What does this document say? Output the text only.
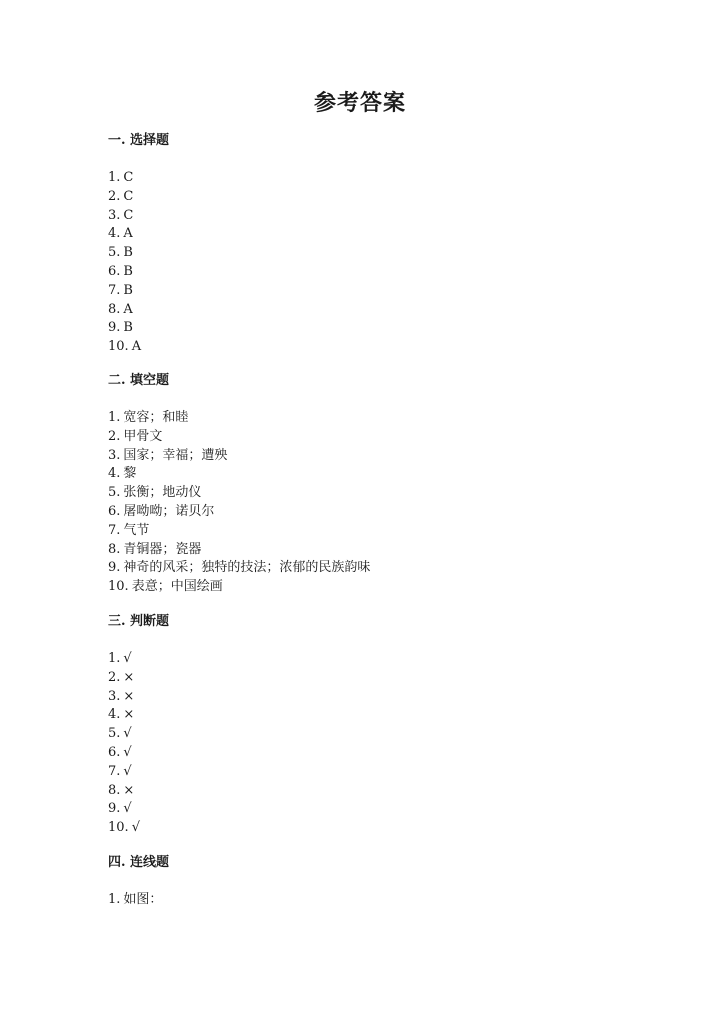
参考答案
一. 选择题
1. C
2. C
3. C
4. A
5. B
6. B
7. B
8. A
9. B
10. A
二. 填空题
1. 宽容；和睦
2. 甲骨文
3. 国家；幸福；遭殃
4. 黎
5. 张衡；地动仪
6. 屠呦呦；诺贝尔
7. 气节
8. 青铜器；瓷器
9. 神奇的风采；独特的技法；浓郁的民族韵味
10. 表意；中国绘画
三. 判断题
1. √
2. ×
3. ×
4. ×
5. √
6. √
7. √
8. ×
9. √
10. √
四. 连线题
1. 如图：
